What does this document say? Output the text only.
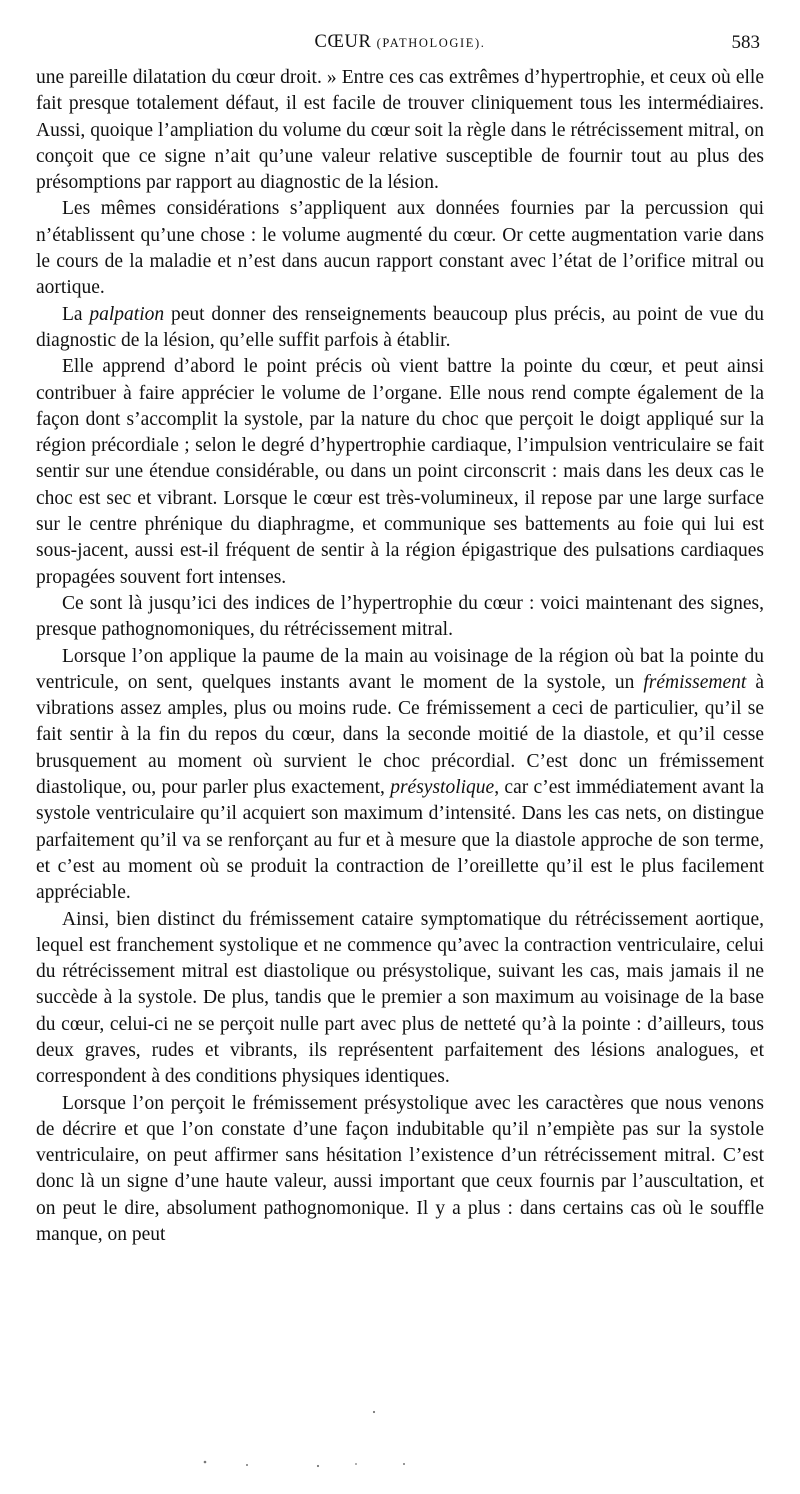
CŒUR (PATHOLOGIE).	583

une pareille dilatation du cœur droit. » Entre ces cas extrêmes d’hypertrophie, et ceux où elle fait presque totalement défaut, il est facile de trouver cliniquement tous les intermédiaires. Aussi, quoique l’ampliation du volume du cœur soit la règle dans le rétrécissement mitral, on conçoit que ce signe n’ait qu’une valeur relative susceptible de fournir tout au plus des présomptions par rapport au diagnostic de la lésion.

Les mêmes considérations s’appliquent aux données fournies par la percussion qui n’établissent qu’une chose : le volume augmenté du cœur. Or cette augmentation varie dans le cours de la maladie et n’est dans aucun rapport constant avec l’état de l’orifice mitral ou aortique.

La palpation peut donner des renseignements beaucoup plus précis, au point de vue du diagnostic de la lésion, qu’elle suffit parfois à établir.

Elle apprend d’abord le point précis où vient battre la pointe du cœur, et peut ainsi contribuer à faire apprécier le volume de l’organe. Elle nous rend compte également de la façon dont s’accomplit la systole, par la nature du choc que perçoit le doigt appliqué sur la région précordiale ; selon le degré d’hypertrophie cardiaque, l’impulsion ventriculaire se fait sentir sur une étendue considérable, ou dans un point circonscrit : mais dans les deux cas le choc est sec et vibrant. Lorsque le cœur est très-volumineux, il repose par une large surface sur le centre phrénique du diaphragme, et communique ses battements au foie qui lui est sous-jacent, aussi est-il fréquent de sentir à la région épigastrique des pulsations cardiaques propagées souvent fort intenses.

Ce sont là jusqu’ici des indices de l’hypertrophie du cœur : voici maintenant des signes, presque pathognomoniques, du rétrécissement mitral.

Lorsque l’on applique la paume de la main au voisinage de la région où bat la pointe du ventricule, on sent, quelques instants avant le moment de la systole, un frémissement à vibrations assez amples, plus ou moins rude. Ce frémissement a ceci de particulier, qu’il se fait sentir à la fin du repos du cœur, dans la seconde moitié de la diastole, et qu’il cesse brusquement au moment où survient le choc précordial. C’est donc un frémissement diastolique, ou, pour parler plus exactement, présystolique, car c’est immédiatement avant la systole ventriculaire qu’il acquiert son maximum d’intensité. Dans les cas nets, on distingue parfaitement qu’il va se renforçant au fur et à mesure que la diastole approche de son terme, et c’est au moment où se produit la contraction de l’oreillette qu’il est le plus facilement appréciable.

Ainsi, bien distinct du frémissement cataire symptomatique du rétrécissement aortique, lequel est franchement systolique et ne commence qu’avec la contraction ventriculaire, celui du rétrécissement mitral est diastolique ou présystolique, suivant les cas, mais jamais il ne succède à la systole. De plus, tandis que le premier a son maximum au voisinage de la base du cœur, celui-ci ne se perçoit nulle part avec plus de netteté qu’à la pointe : d’ailleurs, tous deux graves, rudes et vibrants, ils représentent parfaitement des lésions analogues, et correspondent à des conditions physiques identiques.

Lorsque l’on perçoit le frémissement présystolique avec les caractères que nous venons de décrire et que l’on constate d’une façon indubitable qu’il n’empiète pas sur la systole ventriculaire, on peut affirmer sans hésitation l’existence d’un rétrécissement mitral. C’est donc là un signe d’une haute valeur, aussi important que ceux fournis par l’auscultation, et on peut le dire, absolument pathognomonique. Il y a plus : dans certains cas où le souffle manque, on peut
